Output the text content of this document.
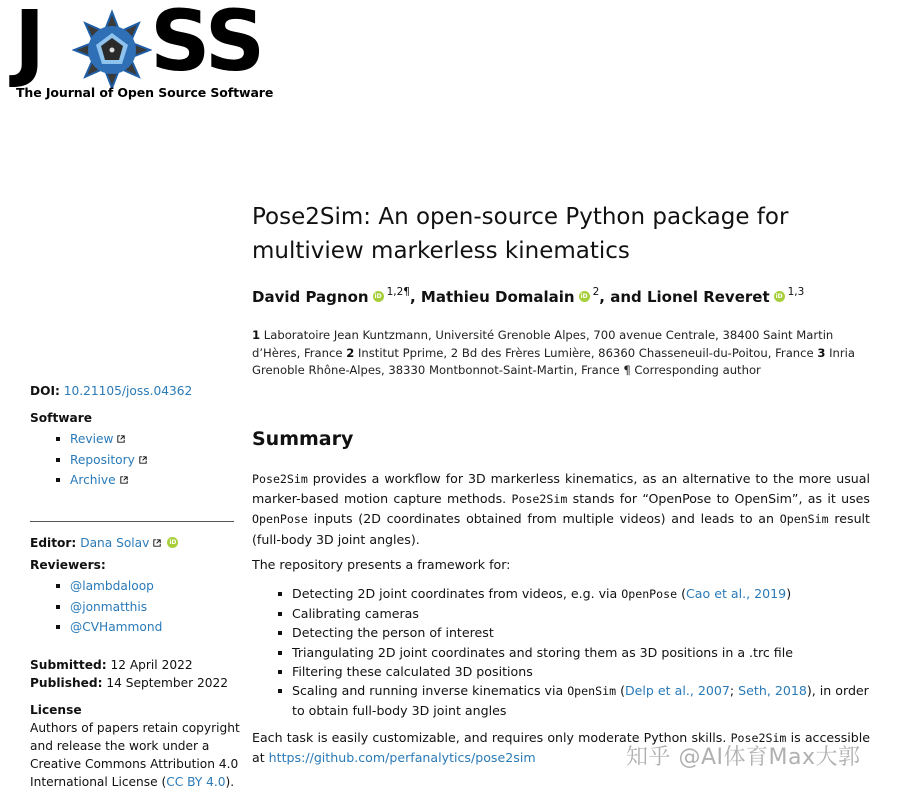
J SS
The Journal of Open Source Software
Pose2Sim: An open-source Python package for
multiview markerless kinematics
David Pagnon iD $^{1,2\P}$, Mathieu Domalain iD $^2$, and Lionel Reveret iD $^{1,3}$
1 Laboratoire Jean Kuntzmann, Université Grenoble Alpes, 700 avenue Centrale, 38400 Saint Martin d’Hères, France 2 Institut Pprime, 2 Bd des Frères Lumière, 86360 Chasseneuil-du-Poitou, France 3 Inria Grenoble Rhône-Alpes, 38330 Montbonnot-Saint-Martin, France ¶ Corresponding author
DOI: 10.21105/joss.04362
Software
Review
Repository
Archive
Editor: Dana Solav	iD
Reviewers:
@lambdaloop
@jonmatthis
@CVHammond
Submitted: 12 April 2022
Published: 14 September 2022
License
Authors of papers retain copyright and release the work under a Creative Commons Attribution 4.0 International License (CC BY 4.0).
Summary
Pose2Sim provides a workflow for 3D markerless kinematics, as an alternative to the more usual marker-based motion capture methods. Pose2Sim stands for “OpenPose to OpenSim”, as it uses OpenPose inputs (2D coordinates obtained from multiple videos) and leads to an OpenSim result (full-body 3D joint angles).
The repository presents a framework for:
Detecting 2D joint coordinates from videos, e.g. via OpenPose (Cao et al., 2019)
Calibrating cameras
Detecting the person of interest
Triangulating 2D joint coordinates and storing them as 3D positions in a .trc file
Filtering these calculated 3D positions
Scaling and running inverse kinematics via OpenSim (Delp et al., 2007; Seth, 2018), in order to obtain full-body 3D joint angles
Each task is easily customizable, and requires only moderate Python skills. Pose2Sim is accessible at https://github.com/perfanalytics/pose2sim	知乎 @AI体育Max大郭
